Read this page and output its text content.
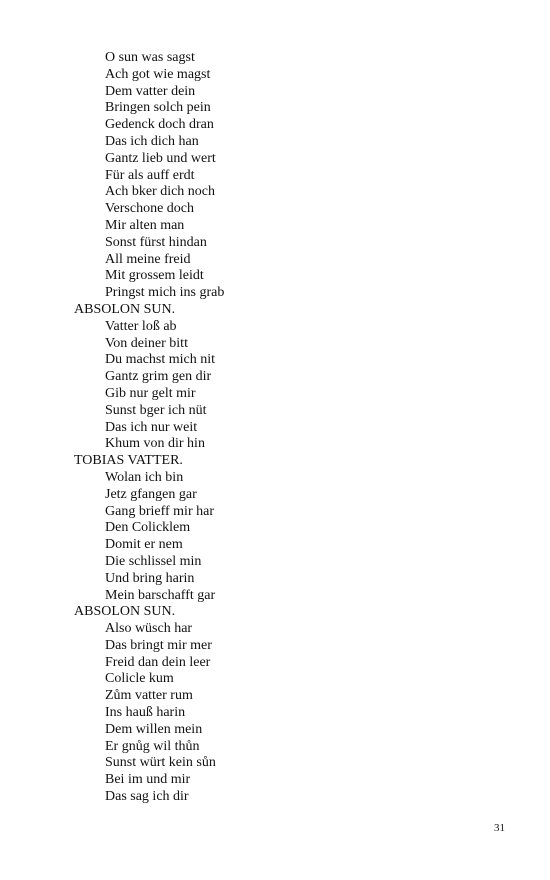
O sun was sagst
Ach got wie magst
Dem vatter dein
Bringen solch pein
Gedenck doch dran
Das ich dich han
Gantz lieb und wert
Für als auff erdt
Ach bker dich noch
Verschone doch
Mir alten man
Sonst fürst hindan
All meine freid
Mit grossem leidt
Pringst mich ins grab
ABSOLON SUN.
Vatter loß ab
Von deiner bitt
Du machst mich nit
Gantz grim gen dir
Gib nur gelt mir
Sunst bger ich nüt
Das ich nur weit
Khum von dir hin
TOBIAS VATTER.
Wolan ich bin
Jetz gfangen gar
Gang brieff mir har
Den Colicklem
Domit er nem
Die schlissel min
Und bring harin
Mein barschafft gar
ABSOLON SUN.
Also wüsch har
Das bringt mir mer
Freid dan dein leer
Colicle kum
Zům vatter rum
Ins hauß harin
Dem willen mein
Er gnůg wil thůn
Sunst würt kein sůn
Bei im und mir
Das sag ich dir
31
